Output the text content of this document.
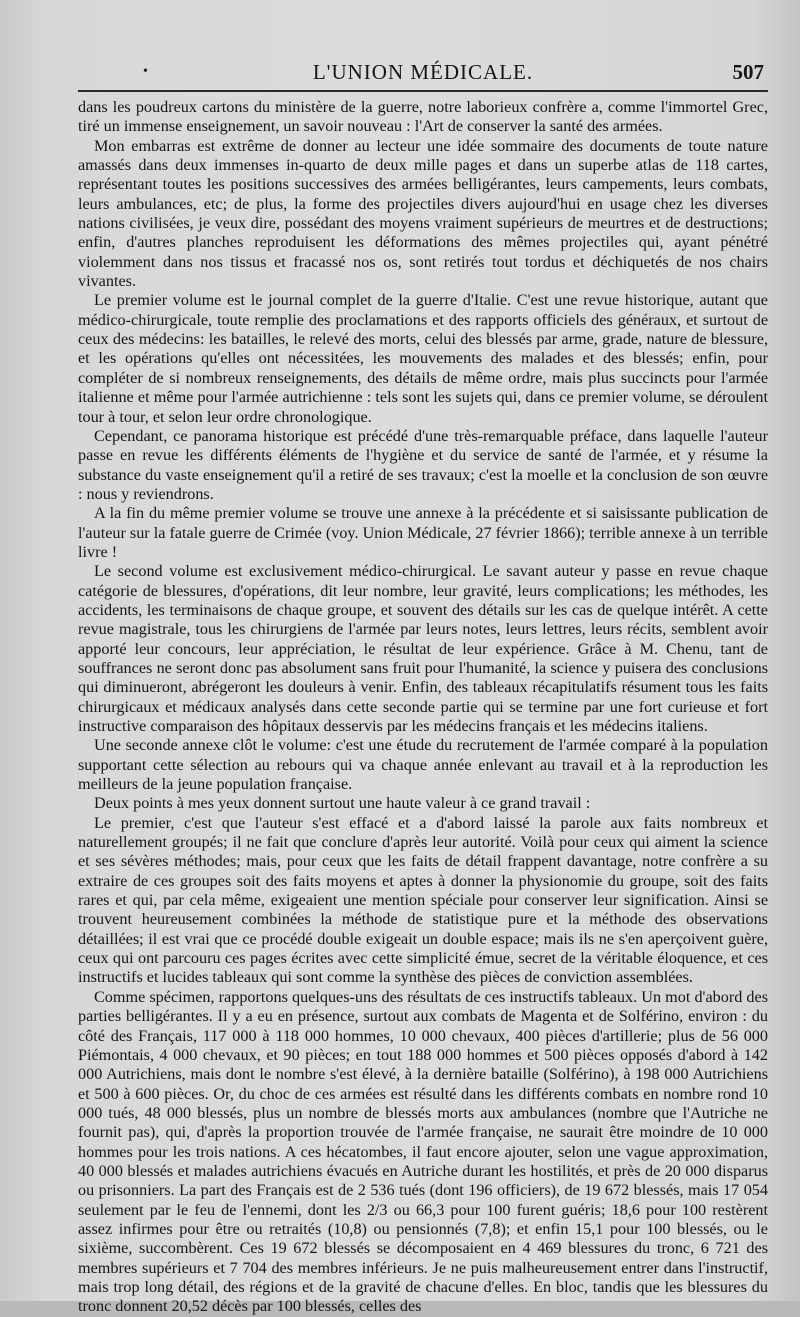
•	L'UNION MÉDICALE.	507

dans les poudreux cartons du ministère de la guerre, notre laborieux confrère a, comme l'immortel Grec, tiré un immense enseignement, un savoir nouveau : l'Art de conserver la santé des armées.

Mon embarras est extrême de donner au lecteur une idée sommaire des documents de toute nature amassés dans deux immenses in-quarto de deux mille pages et dans un superbe atlas de 118 cartes, représentant toutes les positions successives des armées belligérantes, leurs campements, leurs combats, leurs ambulances, etc; de plus, la forme des projectiles divers aujourd'hui en usage chez les diverses nations civilisées, je veux dire, possédant des moyens vraiment supérieurs de meurtres et de destructions; enfin, d'autres planches reproduisent les déformations des mêmes projectiles qui, ayant pénétré violemment dans nos tissus et fracassé nos os, sont retirés tout tordus et déchiquetés de nos chairs vivantes.

Le premier volume est le journal complet de la guerre d'Italie. C'est une revue historique, autant que médico-chirurgicale, toute remplie des proclamations et des rapports officiels des généraux, et surtout de ceux des médecins: les batailles, le relevé des morts, celui des blessés par arme, grade, nature de blessure, et les opérations qu'elles ont nécessitées, les mouvements des malades et des blessés; enfin, pour compléter de si nombreux renseignements, des détails de même ordre, mais plus succincts pour l'armée italienne et même pour l'armée autrichienne : tels sont les sujets qui, dans ce premier volume, se déroulent tour à tour, et selon leur ordre chronologique.

Cependant, ce panorama historique est précédé d'une très-remarquable préface, dans laquelle l'auteur passe en revue les différents éléments de l'hygiène et du service de santé de l'armée, et y résume la substance du vaste enseignement qu'il a retiré de ses travaux; c'est la moelle et la conclusion de son œuvre : nous y reviendrons.

A la fin du même premier volume se trouve une annexe à la précédente et si saisissante publication de l'auteur sur la fatale guerre de Crimée (voy. Union Médicale, 27 février 1866); terrible annexe à un terrible livre !

Le second volume est exclusivement médico-chirurgical. Le savant auteur y passe en revue chaque catégorie de blessures, d'opérations, dit leur nombre, leur gravité, leurs complications; les méthodes, les accidents, les terminaisons de chaque groupe, et souvent des détails sur les cas de quelque intérêt. A cette revue magistrale, tous les chirurgiens de l'armée par leurs notes, leurs lettres, leurs récits, semblent avoir apporté leur concours, leur appréciation, le résultat de leur expérience. Grâce à M. Chenu, tant de souffrances ne seront donc pas absolument sans fruit pour l'humanité, la science y puisera des conclusions qui diminueront, abrégeront les douleurs à venir. Enfin, des tableaux récapitulatifs résument tous les faits chirurgicaux et médicaux analysés dans cette seconde partie qui se termine par une fort curieuse et fort instructive comparaison des hôpitaux desservis par les médecins français et les médecins italiens.

Une seconde annexe clôt le volume: c'est une étude du recrutement de l'armée comparé à la population supportant cette sélection au rebours qui va chaque année enlevant au travail et à la reproduction les meilleurs de la jeune population française.

Deux points à mes yeux donnent surtout une haute valeur à ce grand travail :

Le premier, c'est que l'auteur s'est effacé et a d'abord laissé la parole aux faits nombreux et naturellement groupés; il ne fait que conclure d'après leur autorité. Voilà pour ceux qui aiment la science et ses sévères méthodes; mais, pour ceux que les faits de détail frappent davantage, notre confrère a su extraire de ces groupes soit des faits moyens et aptes à donner la physionomie du groupe, soit des faits rares et qui, par cela même, exigeaient une mention spéciale pour conserver leur signification. Ainsi se trouvent heureusement combinées la méthode de statistique pure et la méthode des observations détaillées; il est vrai que ce procédé double exigeait un double espace; mais ils ne s'en aperçoivent guère, ceux qui ont parcouru ces pages écrites avec cette simplicité émue, secret de la véritable éloquence, et ces instructifs et lucides tableaux qui sont comme la synthèse des pièces de conviction assemblées.

Comme spécimen, rapportons quelques-uns des résultats de ces instructifs tableaux. Un mot d'abord des parties belligérantes. Il y a eu en présence, surtout aux combats de Magenta et de Solférino, environ : du côté des Français, 117 000 à 118 000 hommes, 10 000 chevaux, 400 pièces d'artillerie; plus de 56 000 Piémontais, 4 000 chevaux, et 90 pièces; en tout 188 000 hommes et 500 pièces opposés d'abord à 142 000 Autrichiens, mais dont le nombre s'est élevé, à la dernière bataille (Solférino), à 198 000 Autrichiens et 500 à 600 pièces. Or, du choc de ces armées est résulté dans les différents combats en nombre rond 10 000 tués, 48 000 blessés, plus un nombre de blessés morts aux ambulances (nombre que l'Autriche ne fournit pas), qui, d'après la proportion trouvée de l'armée française, ne saurait être moindre de 10 000 hommes pour les trois nations. A ces hécatombes, il faut encore ajouter, selon une vague approximation, 40 000 blessés et malades autrichiens évacués en Autriche durant les hostilités, et près de 20 000 disparus ou prisonniers. La part des Français est de 2 536 tués (dont 196 officiers), de 19 672 blessés, mais 17 054 seulement par le feu de l'ennemi, dont les 2/3 ou 66,3 pour 100 furent guéris; 18,6 pour 100 restèrent assez infirmes pour être ou retraités (10,8) ou pensionnés (7,8); et enfin 15,1 pour 100 blessés, ou le sixième, succombèrent. Ces 19 672 blessés se décomposaient en 4 469 blessures du tronc, 6 721 des membres supérieurs et 7 704 des membres inférieurs. Je ne puis malheureusement entrer dans l'instructif, mais trop long détail, des régions et de la gravité de chacune d'elles. En bloc, tandis que les blessures du tronc donnent 20,52 décès par 100 blessés, celles des
